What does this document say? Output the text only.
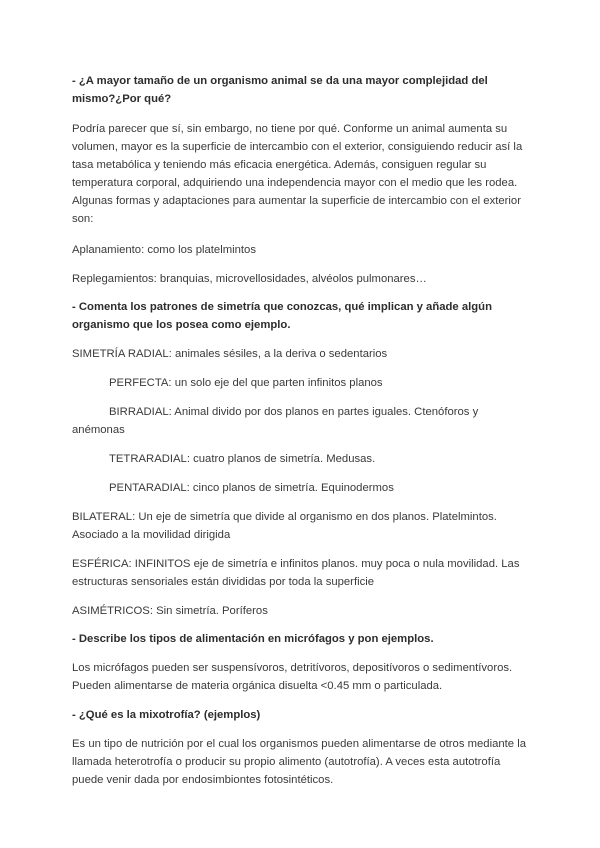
- ¿A mayor tamaño de un organismo animal se da una mayor complejidad del mismo?¿Por qué?

Podría parecer que sí, sin embargo, no tiene por qué. Conforme un animal aumenta su volumen, mayor es la superficie de intercambio con el exterior, consiguiendo reducir así la tasa metabólica y teniendo más eficacia energética. Además, consiguen regular su temperatura corporal, adquiriendo una independencia mayor con el medio que les rodea. Algunas formas y adaptaciones para aumentar la superficie de intercambio con el exterior son:

Aplanamiento: como los platelmintos

Replegamientos: branquias, microvellosidades, alvéolos pulmonares…

- Comenta los patrones de simetría que conozcas, qué implican y añade algún organismo que los posea como ejemplo.

SIMETRÍA RADIAL: animales sésiles, a la deriva o sedentarios

PERFECTA: un solo eje del que parten infinitos planos

BIRRADIAL: Animal divido por dos planos en partes iguales. Ctenóforos y anémonas

TETRARADIAL: cuatro planos de simetría. Medusas.

PENTARADIAL: cinco planos de simetría. Equinodermos

BILATERAL: Un eje de simetría que divide al organismo en dos planos. Platelmintos. Asociado a la movilidad dirigida

ESFÉRICA: INFINITOS eje de simetría e infinitos planos. muy poca o nula movilidad. Las estructuras sensoriales están divididas por toda la superficie

ASIMÉTRICOS: Sin simetría. Poríferos

- Describe los tipos de alimentación en micrófagos y pon ejemplos.

Los micrófagos pueden ser suspensívoros, detritívoros, depositívoros o sedimentívoros. Pueden alimentarse de materia orgánica disuelta <0.45 mm o particulada.

- ¿Qué es la mixotrofía? (ejemplos)

Es un tipo de nutrición por el cual los organismos pueden alimentarse de otros mediante la llamada heterotrofía o producir su propio alimento (autotrofía). A veces esta autotrofía puede venir dada por endosimbiontes fotosintéticos.
